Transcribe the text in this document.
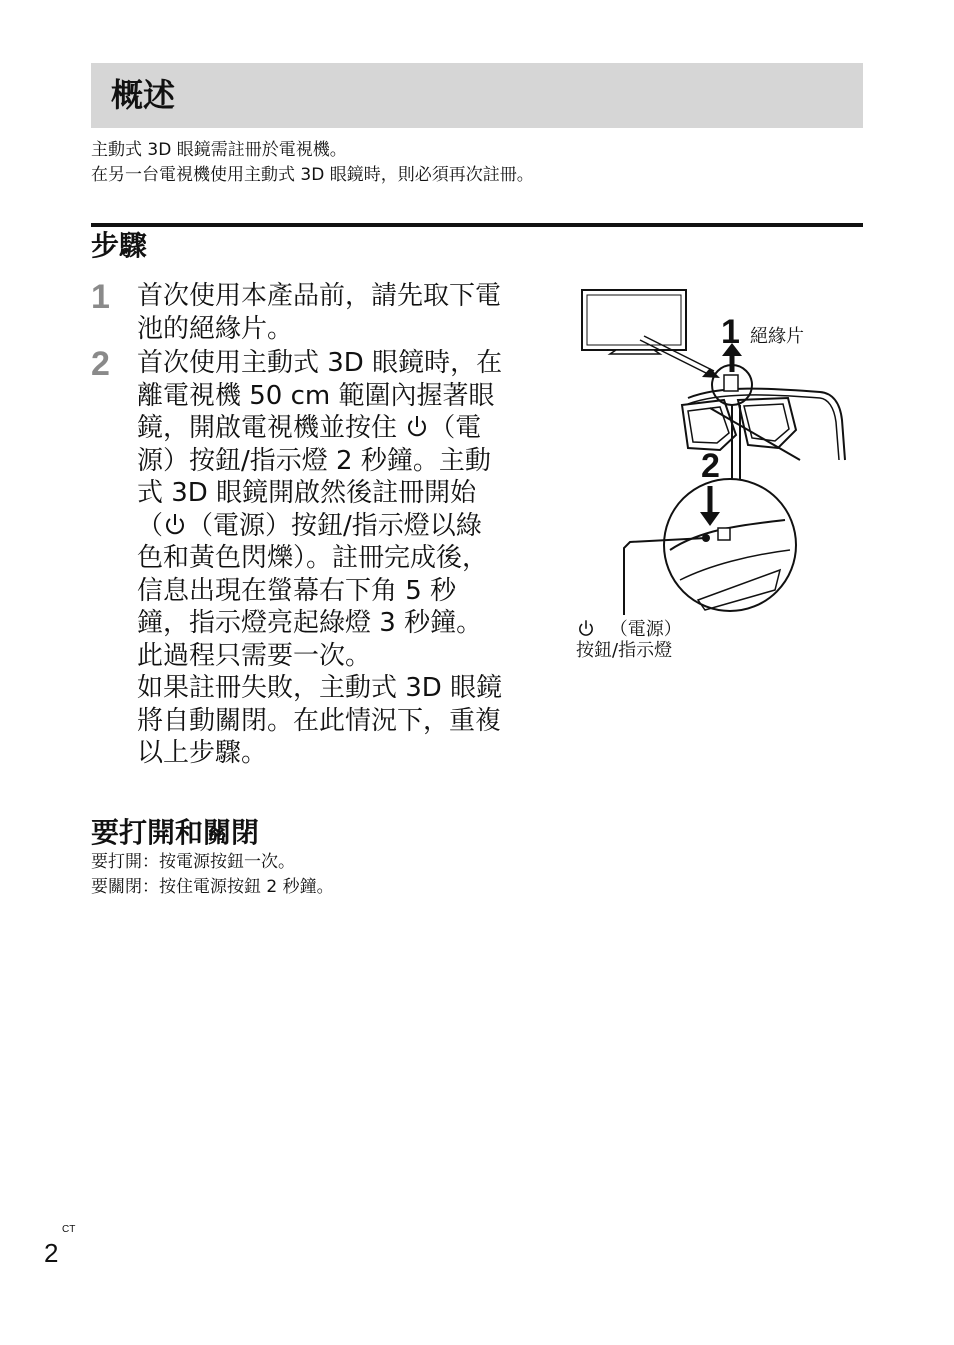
概述
主動式 3D 眼鏡需註冊於電視機。
在另一台電視機使用主動式 3D 眼鏡時，則必須再次註冊。
步驟
1 首次使用本產品前，請先取下電
池的絕緣片。
2 首次使用主動式 3D 眼鏡時，在
離電視機 50 cm 範圍內握著眼
鏡，開啟電視機並按住 （電
源）按鈕/指示燈 2 秒鐘。主動
式 3D 眼鏡開啟然後註冊開始
（ （電源）按鈕/指示燈以綠
色和黃色閃爍）。註冊完成後，
信息出現在螢幕右下角 5 秒
鐘，指示燈亮起綠燈 3 秒鐘。
此過程只需要一次。
如果註冊失敗，主動式 3D 眼鏡
將自動關閉。在此情況下，重複
以上步驟。
1 絕緣片
2
（電源）
按鈕/指示燈
要打開和關閉
要打開：按電源按鈕一次。
要關閉：按住電源按鈕 2 秒鐘。
CT
2
